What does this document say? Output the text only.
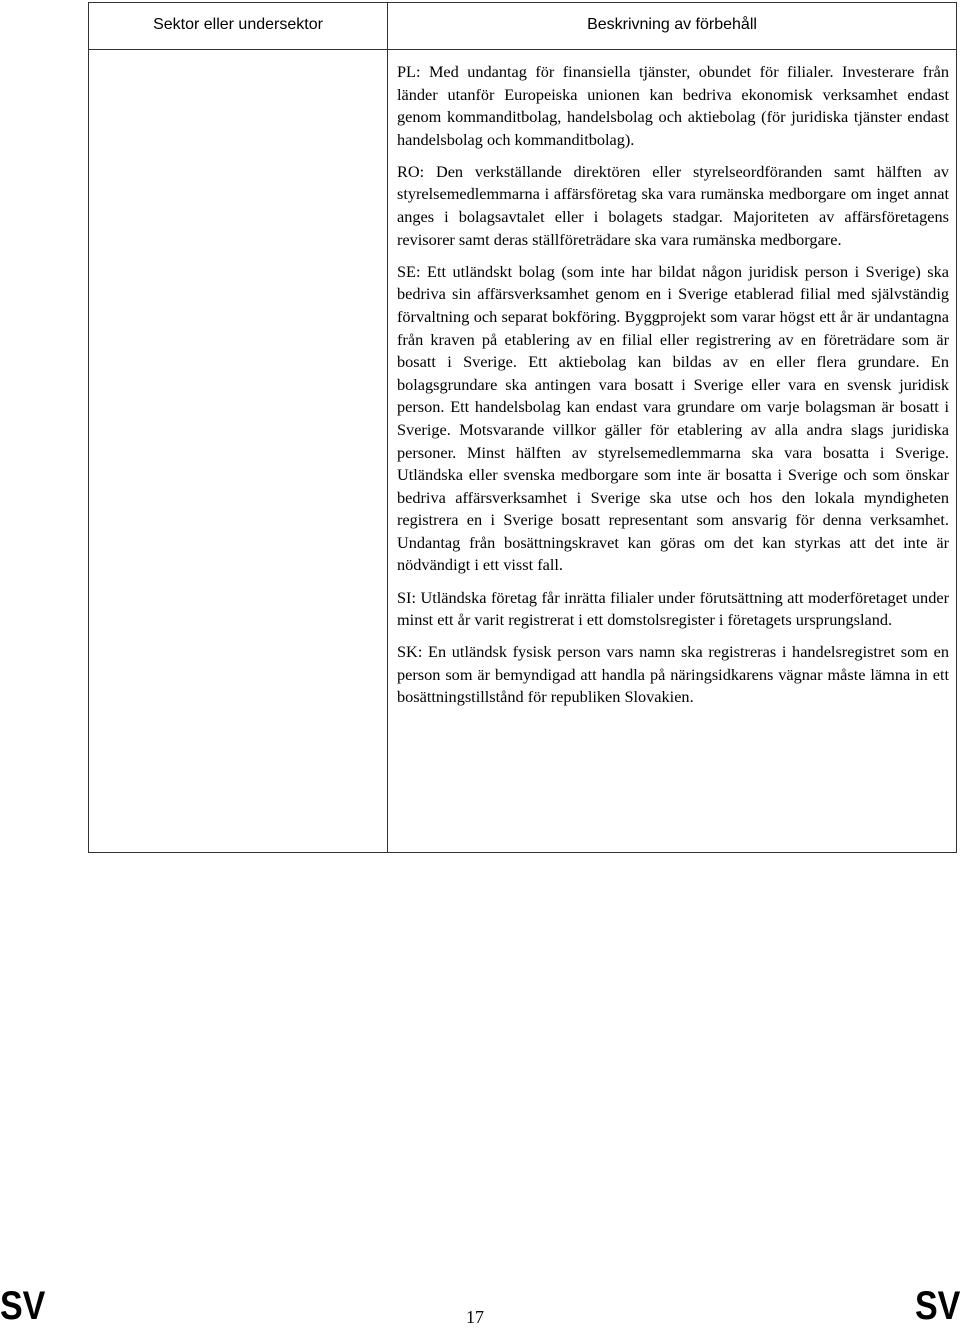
Sektor eller undersektor	Beskrivning av förbehåll

PL: Med undantag för finansiella tjänster, obundet för filialer. Investerare från länder utanför Europeiska unionen kan bedriva ekonomisk verksamhet endast genom kommanditbolag, handelsbolag och aktiebolag (för juridiska tjänster endast handelsbolag och kommanditbolag).

RO: Den verkställande direktören eller styrelseordföranden samt hälften av styrelsemedlemmarna i affärsföretag ska vara rumänska medborgare om inget annat anges i bolagsavtalet eller i bolagets stadgar. Majoriteten av affärsföretagens revisorer samt deras ställföreträdare ska vara rumänska medborgare.

SE: Ett utländskt bolag (som inte har bildat någon juridisk person i Sverige) ska bedriva sin affärsverksamhet genom en i Sverige etablerad filial med självständig förvaltning och separat bokföring. Byggprojekt som varar högst ett år är undantagna från kraven på etablering av en filial eller registrering av en företrädare som är bosatt i Sverige. Ett aktiebolag kan bildas av en eller flera grundare. En bolagsgrundare ska antingen vara bosatt i Sverige eller vara en svensk juridisk person. Ett handelsbolag kan endast vara grundare om varje bolagsman är bosatt i Sverige. Motsvarande villkor gäller för etablering av alla andra slags juridiska personer. Minst hälften av styrelsemedlemmarna ska vara bosatta i Sverige. Utländska eller svenska medborgare som inte är bosatta i Sverige och som önskar bedriva affärsverksamhet i Sverige ska utse och hos den lokala myndigheten registrera en i Sverige bosatt representant som ansvarig för denna verksamhet. Undantag från bosättningskravet kan göras om det kan styrkas att det inte är nödvändigt i ett visst fall.

SI: Utländska företag får inrätta filialer under förutsättning att moderföretaget under minst ett år varit registrerat i ett domstolsregister i företagets ursprungsland.

SK: En utländsk fysisk person vars namn ska registreras i handelsregistret som en person som är bemyndigad att handla på näringsidkarens vägnar måste lämna in ett bosättningstillstånd för republiken Slovakien.

SV	17	SV
